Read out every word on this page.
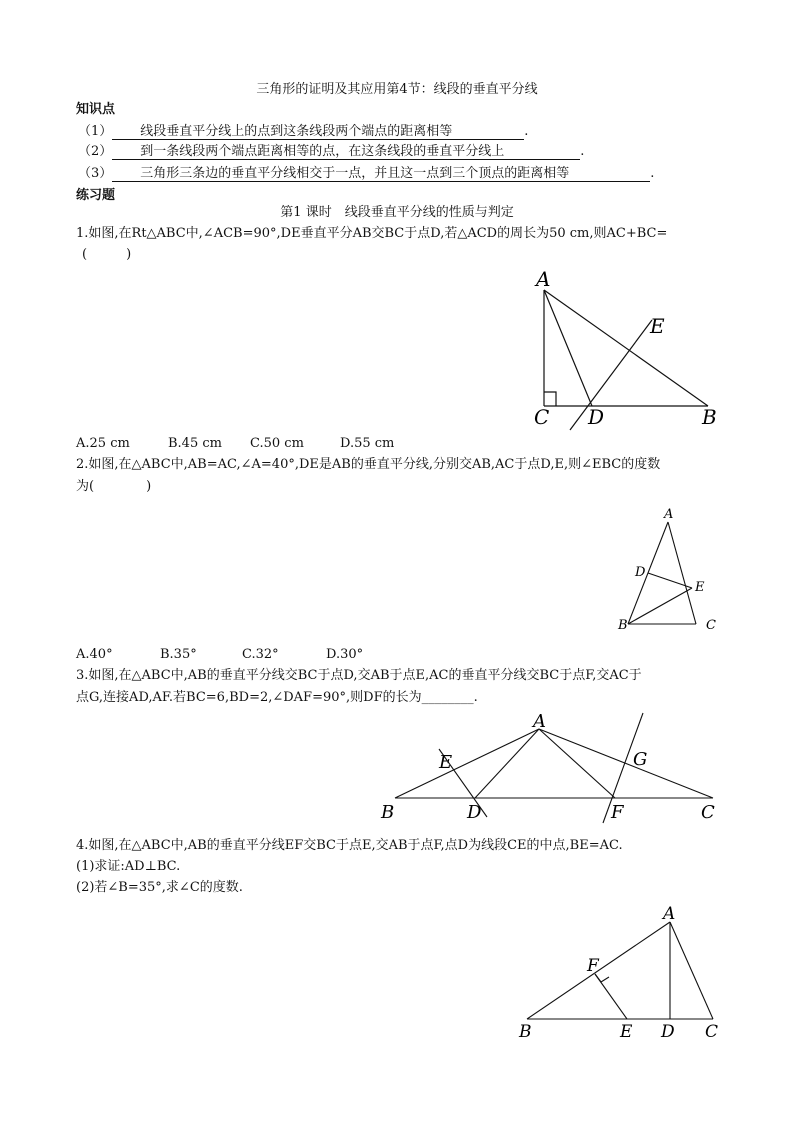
三角形的证明及其应用第4节：线段的垂直平分线
知识点
（1） 线段垂直平分线上的点到这条线段两个端点的距离相等	.
（2） 到一条线段两个端点距离相等的点，在这条线段的垂直平分线上	.
（3） 三角形三条边的垂直平分线相交于一点，并且这一点到三个顶点的距离相等	.
练习题
第1 课时　线段垂直平分线的性质与判定
1.如图,在Rt△ABC中,∠ACB=90°,DE垂直平分AB交BC于点D,若△ACD的周长为50 cm,则AC+BC=
(　　　)
A
C D	B
E
A.25 cm	B.45 cm C.50 cm	D.55 cm
2.如图,在△ABC中,AB=AC,∠A=40°,DE是AB的垂直平分线,分别交AB,AC于点D,E,则∠EBC的度数
为(　　　　)
A
D
E
B	C
A.40°	B.35°	C.32°	D.30°
3.如图,在△ABC中,AB的垂直平分线交BC于点D,交AB于点E,AC的垂直平分线交BC于点F,交AC于
点G,连接AD,AF.若BC=6,BD=2,∠DAF=90°,则DF的长为________.
A
E	G
B	D	F	C
4.如图,在△ABC中,AB的垂直平分线EF交BC于点E,交AB于点F,点D为线段CE的中点,BE=AC.
(1)求证:AD⊥BC.
(2)若∠B=35°,求∠C的度数.
A
F
B	E D C
